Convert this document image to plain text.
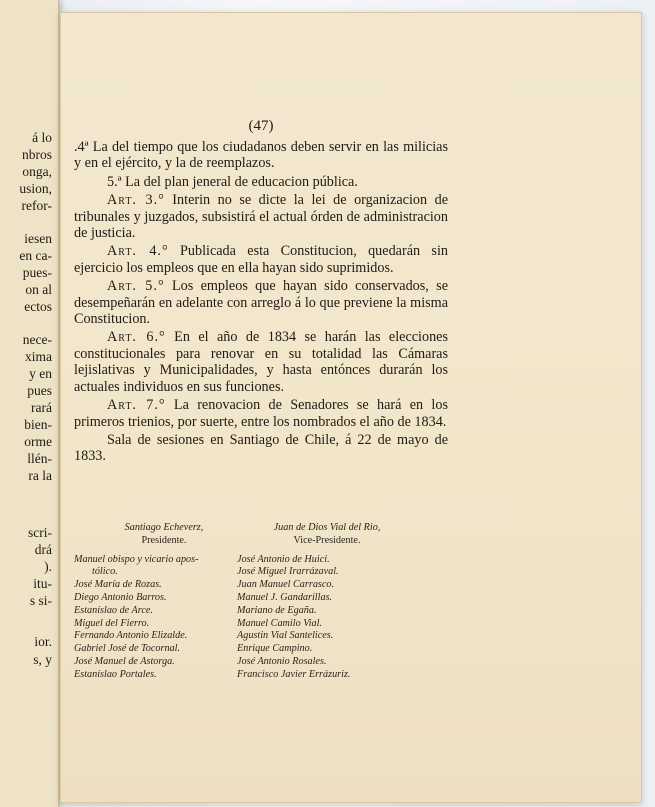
á lo
nbros
onga,
usion,
refor-
iesen
en ca-
pues-
on al
ectos
nece-
xima
y en
pues
rará
bien-
orme
llén-
ra la
scri-
drá
).
itu-
s si-
ior.
s, y
(47)

.4ª La del tiempo que los ciudadanos deben servir en las milicias y en el ejército, y la de reemplazos.

5.ª La del plan jeneral de educacion pública.

Art. 3.° Interin no se dicte la lei de organizacion de tribunales y juzgados, subsistirá el actual órden de administracion de justicia.

Art. 4.° Publicada esta Constitucion, quedarán sin ejercicio los empleos que en ella hayan sido suprimidos.

Art. 5.° Los empleos que hayan sido conservados, se desempeñarán en adelante con arreglo á lo que previene la misma Constitucion.

Art. 6.° En el año de 1834 se harán las elecciones constitucionales para renovar en su totalidad las Cámaras lejislativas y Municipalidades, y hasta entónces durarán los actuales individuos en sus funciones.

Art. 7.° La renovacion de Senadores se hará en los primeros trienios, por suerte, entre los nombrados el año de 1834.

Sala de sesiones en Santiago de Chile, á 22 de mayo de 1833.

Santiago Echeverz,
Presidente.
Manuel obispo y vicario apos-
tólico.
José María de Rozas.
Diego Antonio Barros.
Estanislao de Arce.
Miguel del Fierro.
Fernando Antonio Elizalde.
Gabriel José de Tocornal.
José Manuel de Astorga.
Estanislao Portales.
Juan de Dios Vial del Rio,
Vice-Presidente.
José Antonio de Huici.
José Miguel Irarrázaval.
Juan Manuel Carrasco.
Manuel J. Gandarillas.
Mariano de Egaña.
Manuel Camilo Vial.
Agustin Vial Santelices.
Enrique Campino.
José Antonio Rosales.
Francisco Javier Errázuriz.
